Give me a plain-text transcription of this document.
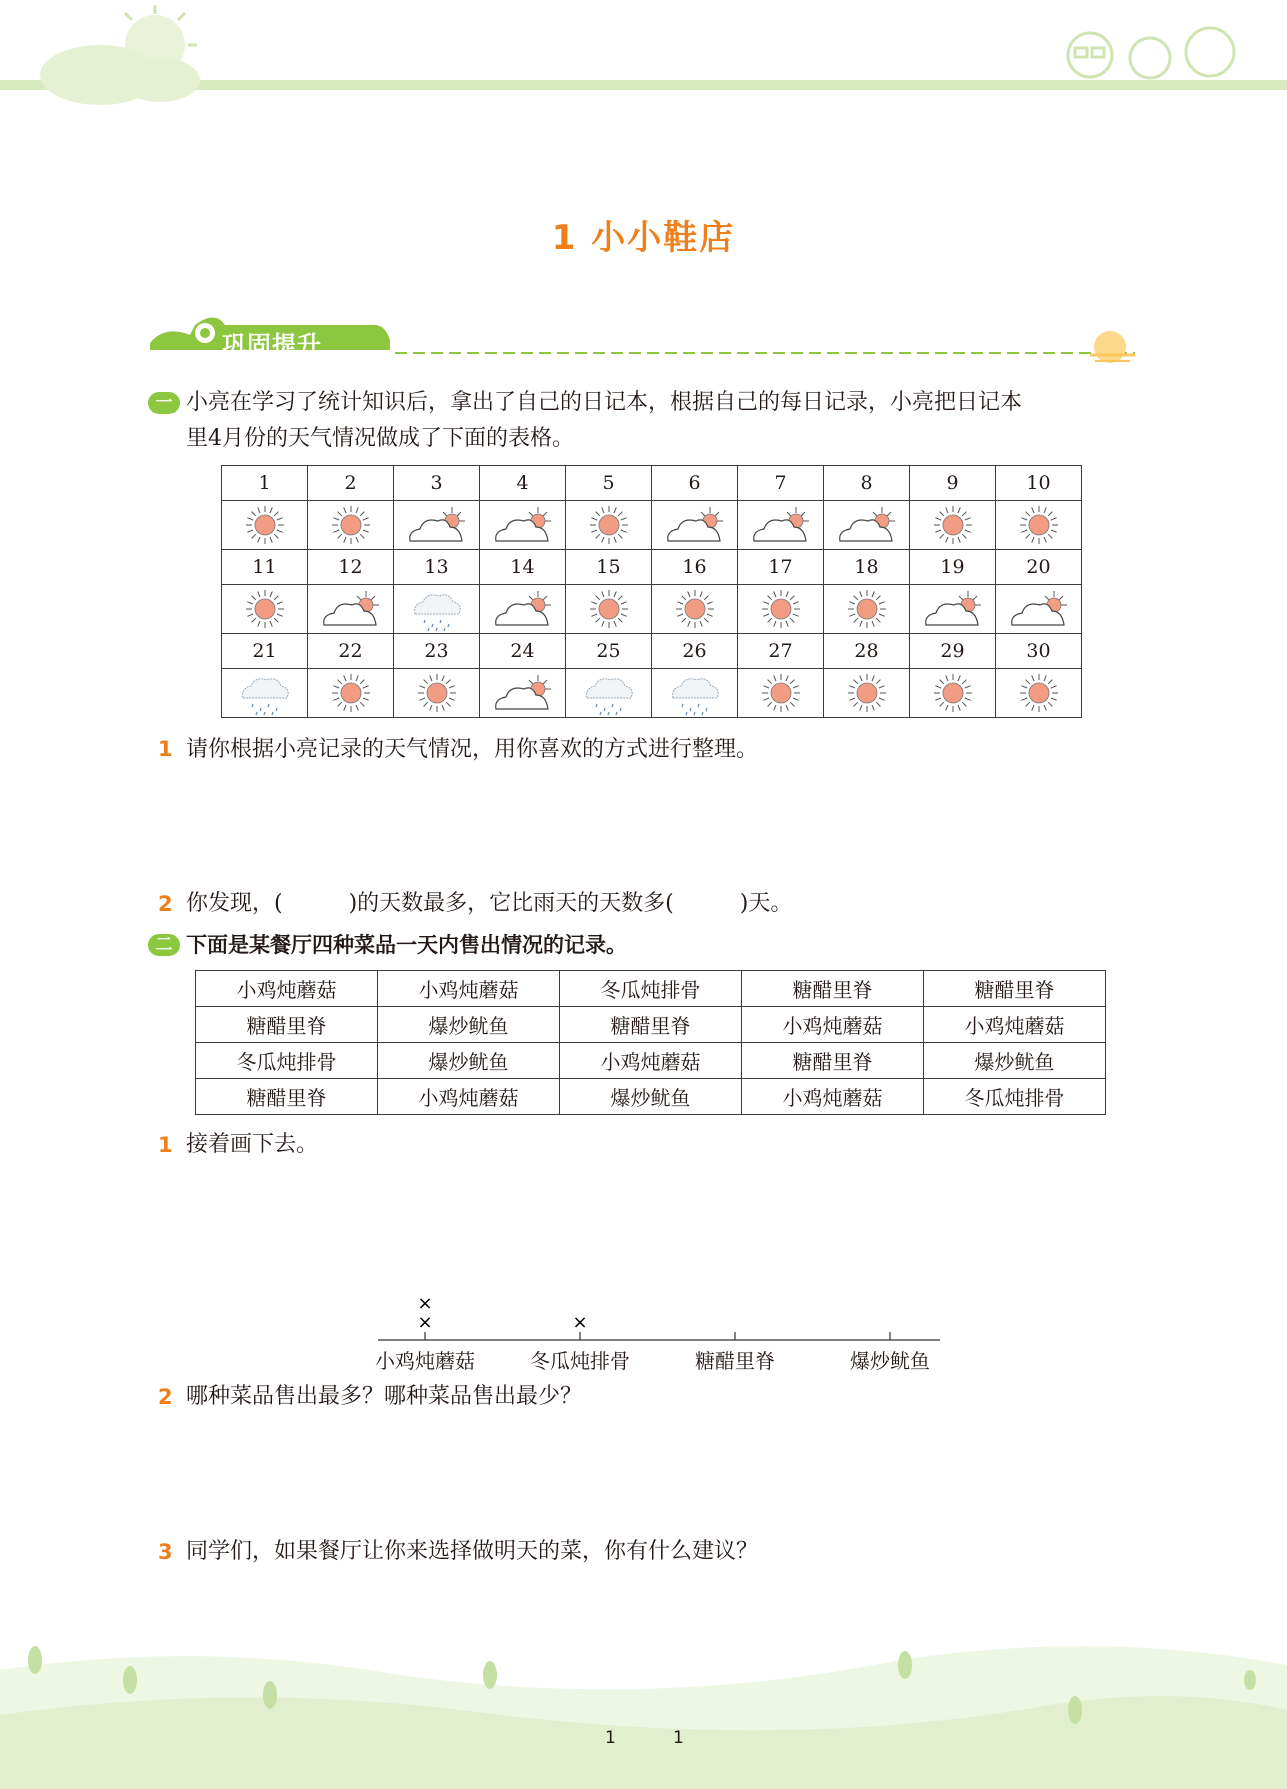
1 小小鞋店
巩固提升
一 小亮在学习了统计知识后，拿出了自己的日记本，根据自己的每日记录，小亮把日记本
里4月份的天气情况做成了下面的表格。
1	2	3	4	5	6	7	8	9	10

11	12	13	14	15	16	17	18	19	20

21	22	23	24	25	26	27	28	29	30

1 请你根据小亮记录的天气情况，用你喜欢的方式进行整理。
2 你发现，(　　　)的天数最多，它比雨天的天数多(　　　)天。
二 下面是某餐厅四种菜品一天内售出情况的记录。
小鸡炖蘑菇	小鸡炖蘑菇	冬瓜炖排骨	糖醋里脊	糖醋里脊
糖醋里脊	爆炒鱿鱼	糖醋里脊	小鸡炖蘑菇	小鸡炖蘑菇
冬瓜炖排骨	爆炒鱿鱼	小鸡炖蘑菇	糖醋里脊	爆炒鱿鱼
糖醋里脊	小鸡炖蘑菇	爆炒鱿鱼	小鸡炖蘑菇	冬瓜炖排骨
1 接着画下去。
×
×
×
小鸡炖蘑菇	冬瓜炖排骨	糖醋里脊	爆炒鱿鱼
2 哪种菜品售出最多？哪种菜品售出最少？
3 同学们，如果餐厅让你来选择做明天的菜，你有什么建议？
1	1
